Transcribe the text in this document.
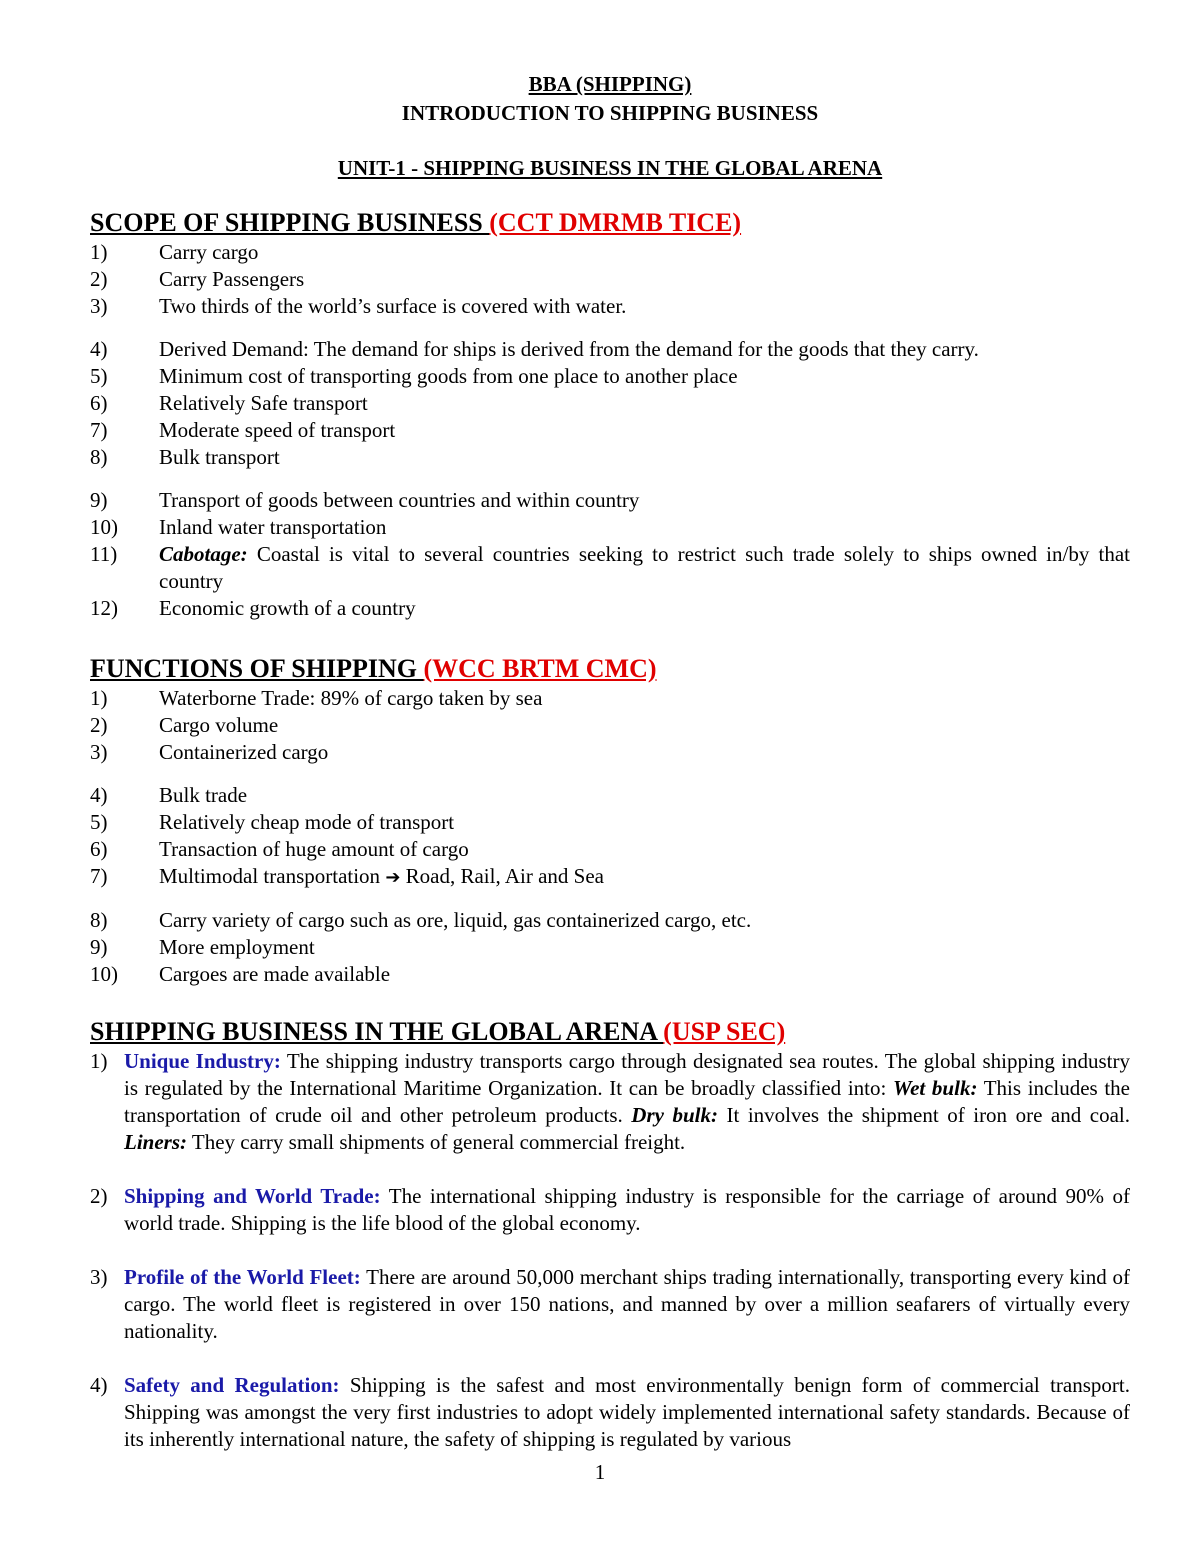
BBA (SHIPPING)
INTRODUCTION TO SHIPPING BUSINESS
UNIT-1 - SHIPPING BUSINESS IN THE GLOBAL ARENA
SCOPE OF SHIPPING BUSINESS (CCT DMRMB TICE)
1)	Carry cargo
2)	Carry Passengers
3)	Two thirds of the world’s surface is covered with water.
4)	Derived Demand: The demand for ships is derived from the demand for the goods that they carry.
5)	Minimum cost of transporting goods from one place to another place
6)	Relatively Safe transport
7)	Moderate speed of transport
8)	Bulk transport
9)	Transport of goods between countries and within country
10)	Inland water transportation
11)	Cabotage: Coastal is vital to several countries seeking to restrict such trade solely to ships owned in/by that country
12)	Economic growth of a country
FUNCTIONS OF SHIPPING (WCC BRTM CMC)
1)	Waterborne Trade: 89% of cargo taken by sea
2)	Cargo volume
3)	Containerized cargo
4)	Bulk trade
5)	Relatively cheap mode of transport
6)	Transaction of huge amount of cargo
7)	Multimodal transportation ➔ Road, Rail, Air and Sea
8)	Carry variety of cargo such as ore, liquid, gas containerized cargo, etc.
9)	More employment
10)	Cargoes are made available
SHIPPING BUSINESS IN THE GLOBAL ARENA (USP SEC)
1) Unique Industry: The shipping industry transports cargo through designated sea routes. The global shipping industry is regulated by the International Maritime Organization. It can be broadly classified into: Wet bulk: This includes the transportation of crude oil and other petroleum products. Dry bulk: It involves the shipment of iron ore and coal. Liners: They carry small shipments of general commercial freight.
2) Shipping and World Trade: The international shipping industry is responsible for the carriage of around 90% of world trade. Shipping is the life blood of the global economy.
3) Profile of the World Fleet: There are around 50,000 merchant ships trading internationally, transporting every kind of cargo. The world fleet is registered in over 150 nations, and manned by over a million seafarers of virtually every nationality.
4) Safety and Regulation: Shipping is the safest and most environmentally benign form of commercial transport. Shipping was amongst the very first industries to adopt widely implemented international safety standards. Because of its inherently international nature, the safety of shipping is regulated by various
1
